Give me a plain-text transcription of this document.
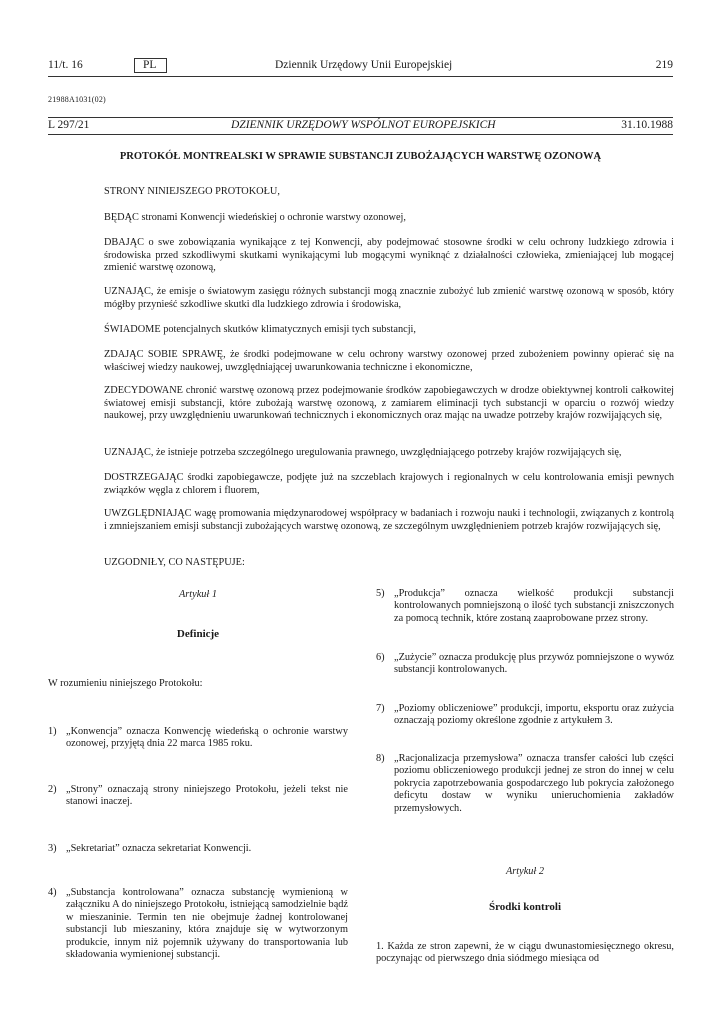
11/t. 16	PL	Dziennik Urzędowy Unii Europejskiej	219
21988A1031(02)
L 297/21	DZIENNIK URZĘDOWY WSPÓLNOT EUROPEJSKICH	31.10.1988
PROTOKÓŁ MONTREALSKI W SPRAWIE SUBSTANCJI ZUBOŻAJĄCYCH WARSTWĘ OZONOWĄ

STRONY NINIEJSZEGO PROTOKOŁU,

BĘDĄC stronami Konwencji wiedeńskiej o ochronie warstwy ozonowej,

DBAJĄC o swe zobowiązania wynikające z tej Konwencji, aby podejmować stosowne środki w celu ochrony ludzkiego zdrowia i środowiska przed szkodliwymi skutkami wynikającymi lub mogącymi wyniknąć z działalności człowieka, zmieniającej lub mogącej zmienić warstwę ozonową,

UZNAJĄC, że emisje o światowym zasięgu różnych substancji mogą znacznie zubożyć lub zmienić warstwę ozonową w sposób, który mógłby przynieść szkodliwe skutki dla ludzkiego zdrowia i środowiska,

ŚWIADOME potencjalnych skutków klimatycznych emisji tych substancji,

ZDAJĄC SOBIE SPRAWĘ, że środki podejmowane w celu ochrony warstwy ozonowej przed zubożeniem powinny opierać się na właściwej wiedzy naukowej, uwzględniającej uwarunkowania techniczne i ekonomiczne,

ZDECYDOWANE chronić warstwę ozonową przez podejmowanie środków zapobiegawczych w drodze obiektywnej kontroli całkowitej światowej emisji substancji, które zubożają warstwę ozonową, z zamiarem eliminacji tych substancji w oparciu o rozwój wiedzy naukowej, przy uwzględnieniu uwarunkowań technicznych i ekonomicznych oraz mając na uwadze potrzeby krajów rozwijających się,

UZNAJĄC, że istnieje potrzeba szczególnego uregulowania prawnego, uwzględniającego potrzeby krajów rozwijających się,

DOSTRZEGAJĄC środki zapobiegawcze, podjęte już na szczeblach krajowych i regionalnych w celu kontrolowania emisji pewnych związków węgla z chlorem i fluorem,

UWZGLĘDNIAJĄC wagę promowania międzynarodowej współpracy w badaniach i rozwoju nauki i technologii, związanych z kontrolą i zmniejszaniem emisji substancji zubożających warstwę ozonową, ze szczególnym uwzględnieniem potrzeb krajów rozwijających się,

UZGODNIŁY, CO NASTĘPUJE:

Artykuł 1

Definicje

W rozumieniu niniejszego Protokołu:

1) „Konwencja” oznacza Konwencję wiedeńską o ochronie warstwy ozonowej, przyjętą dnia 22 marca 1985 roku.

2) „Strony” oznaczają strony niniejszego Protokołu, jeżeli tekst nie stanowi inaczej.

3) „Sekretariat” oznacza sekretariat Konwencji.

4) „Substancja kontrolowana” oznacza substancję wymienioną w załączniku A do niniejszego Protokołu, istniejącą samodzielnie bądź w mieszaninie. Termin ten nie obejmuje żadnej kontrolowanej substancji lub mieszaniny, która znajduje się w wytworzonym produkcie, innym niż pojemnik używany do transportowania lub składowania wymienionej substancji.

5) „Produkcja” oznacza wielkość produkcji substancji kontrolowanych pomniejszoną o ilość tych substancji zniszczonych za pomocą technik, które zostaną zaaprobowane przez strony.

6) „Zużycie” oznacza produkcję plus przywóz pomniejszone o wywóz substancji kontrolowanych.

7) „Poziomy obliczeniowe” produkcji, importu, eksportu oraz zużycia oznaczają poziomy określone zgodnie z artykułem 3.

8) „Racjonalizacja przemysłowa” oznacza transfer całości lub części poziomu obliczeniowego produkcji jednej ze stron do innej w celu pokrycia zapotrzebowania gospodarczego lub pokrycia założonego deficytu dostaw w wyniku unieruchomienia zakładów przemysłowych.

Artykuł 2

Środki kontroli

1. Każda ze stron zapewni, że w ciągu dwunastomiesięcznego okresu, poczynając od pierwszego dnia siódmego miesiąca od
